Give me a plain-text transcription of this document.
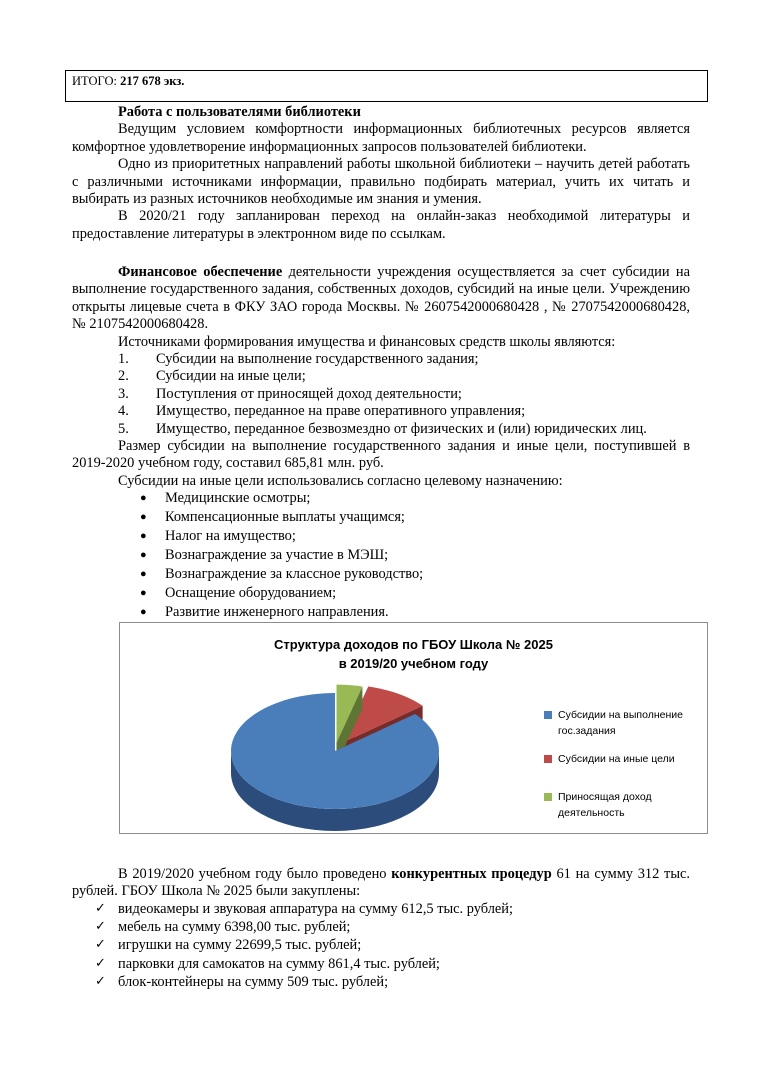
ИТОГО: 217 678 экз.

Работа с пользователями библиотеки

Ведущим условием комфортности информационных библиотечных ресурсов является комфортное удовлетворение информационных запросов пользователей библиотеки.

Одно из приоритетных направлений работы школьной библиотеки – научить детей работать с различными источниками информации, правильно подбирать материал, учить их читать и выбирать из разных источников необходимые им знания и умения.

В 2020/21 году запланирован переход на онлайн-заказ необходимой литературы и предоставление литературы в электронном виде по ссылкам.

Финансовое обеспечение деятельности учреждения осуществляется за счет субсидии на выполнение государственного задания, собственных доходов, субсидий на иные цели. Учреждению открыты лицевые счета в ФКУ ЗАО города Москвы. № 2607542000680428 , № 2707542000680428, № 2107542000680428.

Источниками формирования имущества и финансовых средств школы являются:

1. Субсидии на выполнение государственного задания;
2. Субсидии на иные цели;
3. Поступления от приносящей доход деятельности;
4. Имущество, переданное на праве оперативного управления;
5. Имущество, переданное безвозмездно от физических и (или) юридических лиц.

Размер субсидии на выполнение государственного задания и иные цели, поступившей в 2019-2020 учебном году, составил 685,81 млн. руб.

Субсидии на иные цели использовались согласно целевому назначению:

● Медицинские осмотры;
● Компенсационные выплаты учащимся;
● Налог на имущество;
● Вознаграждение за участие в МЭШ;
● Вознаграждение за классное руководство;
● Оснащение оборудованием;
● Развитие инженерного направления.

В 2019/2020 учебном году было проведено конкурентных процедур 61 на сумму 312 тыс. рублей. ГБОУ Школа № 2025 были закуплены:

✓ видеокамеры и звуковая аппаратура на сумму 612,5 тыс. рублей;
✓ мебель на сумму 6398,00 тыс. рублей;
✓ игрушки на сумму 22699,5 тыс. рублей;
✓ парковки для самокатов на сумму 861,4 тыс. рублей;
✓ блок-контейнеры на сумму 509 тыс. рублей;
Структура доходов по ГБОУ Школа № 2025
в 2019/20 учебном году
Субсидии на выполнение
гос.задания
Субсидии на иные цели
Приносящая доход
деятельность
